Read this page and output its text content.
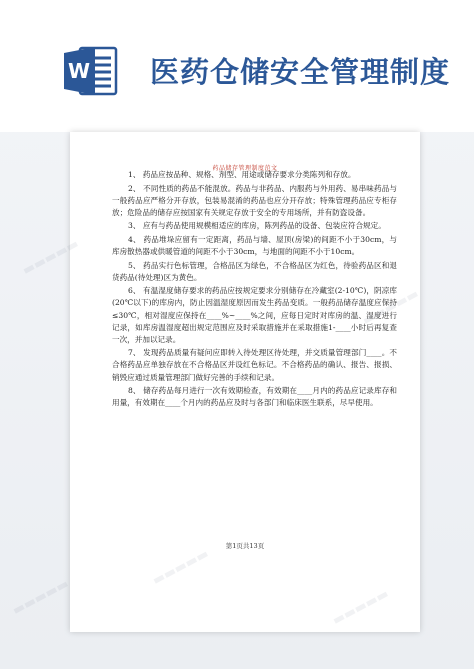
W 医药仓储安全管理制度
药品储存管理制度范文

1、 药品应按品种、规格、剂型、用途或储存要求分类陈列和存放。

2、 不同性质的药品不能混放。药品与非药品、内服药与外用药、易串味药品与一般药品应严格分开存放，包装易混淆的药品也应分开存放；特殊管理药品应专柜存放；危险品的储存应按国家有关规定存放于安全的专用场所，并有防盗设备。

3、 应有与药品使用规模相适应的库房，陈列药品的设备、包装应符合规定。

4、 药品堆垛应留有一定距离，药品与墙、屋顶(房梁)的间距不小于30cm，与库房散热器或供暖管道的间距不小于30cm，与地面的间距不小于10cm。

5、 药品实行色标管理，合格品区为绿色，不合格品区为红色，待验药品区和退货药品(待处理)区为黄色。

6、 有温湿度储存要求的药品应按规定要求分别储存在冷藏室(2-10℃)，阴凉库(20℃以下)的库房内，防止因温湿度原因而发生药品变质。一般药品储存温度应保持≤30℃，相对湿度应保持在____%~____%之间，应每日定时对库房的温、湿度进行记录，如库房温湿度超出规定范围应及时采取措施并在采取措施1-____小时后再复查一次，并加以记录。

7、 发现药品质量有疑问应即转入待处理区待处理，并交质量管理部门____。不合格药品应单独存放在不合格品区并设红色标记。不合格药品的确认、报告、报损、销毁应通过质量管理部门做好完善的手续和记录。

8、 储存药品每月进行一次有效期检查，有效期在____月内的药品应记录库存和用量，有效期在____个月内的药品应及时与各部门和临床医生联系，尽早使用。

第1页共13页
▬▬▬▬▬
▬▬▬▬▬
